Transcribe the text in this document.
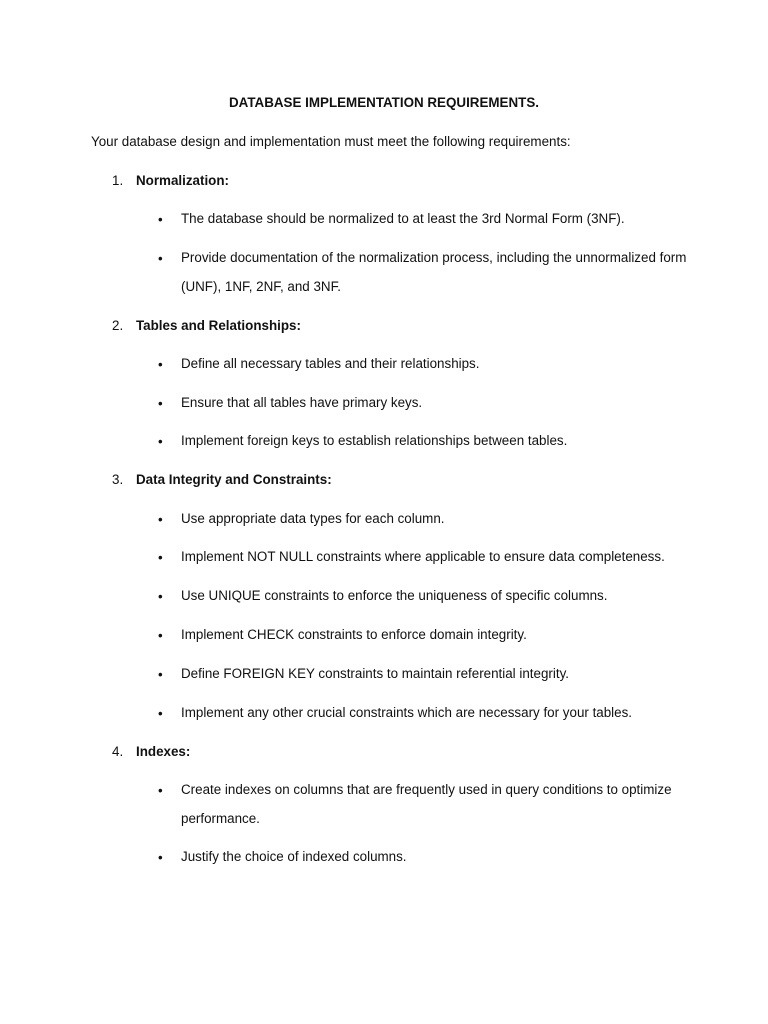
DATABASE IMPLEMENTATION REQUIREMENTS.
Your database design and implementation must meet the following requirements:
1. Normalization:
• The database should be normalized to at least the 3rd Normal Form (3NF).
• Provide documentation of the normalization process, including the unnormalized form (UNF), 1NF, 2NF, and 3NF.
2. Tables and Relationships:
• Define all necessary tables and their relationships.
• Ensure that all tables have primary keys.
• Implement foreign keys to establish relationships between tables.
3. Data Integrity and Constraints:
• Use appropriate data types for each column.
• Implement NOT NULL constraints where applicable to ensure data completeness.
• Use UNIQUE constraints to enforce the uniqueness of specific columns.
• Implement CHECK constraints to enforce domain integrity.
• Define FOREIGN KEY constraints to maintain referential integrity.
• Implement any other crucial constraints which are necessary for your tables.
4. Indexes:
• Create indexes on columns that are frequently used in query conditions to optimize performance.
• Justify the choice of indexed columns.
